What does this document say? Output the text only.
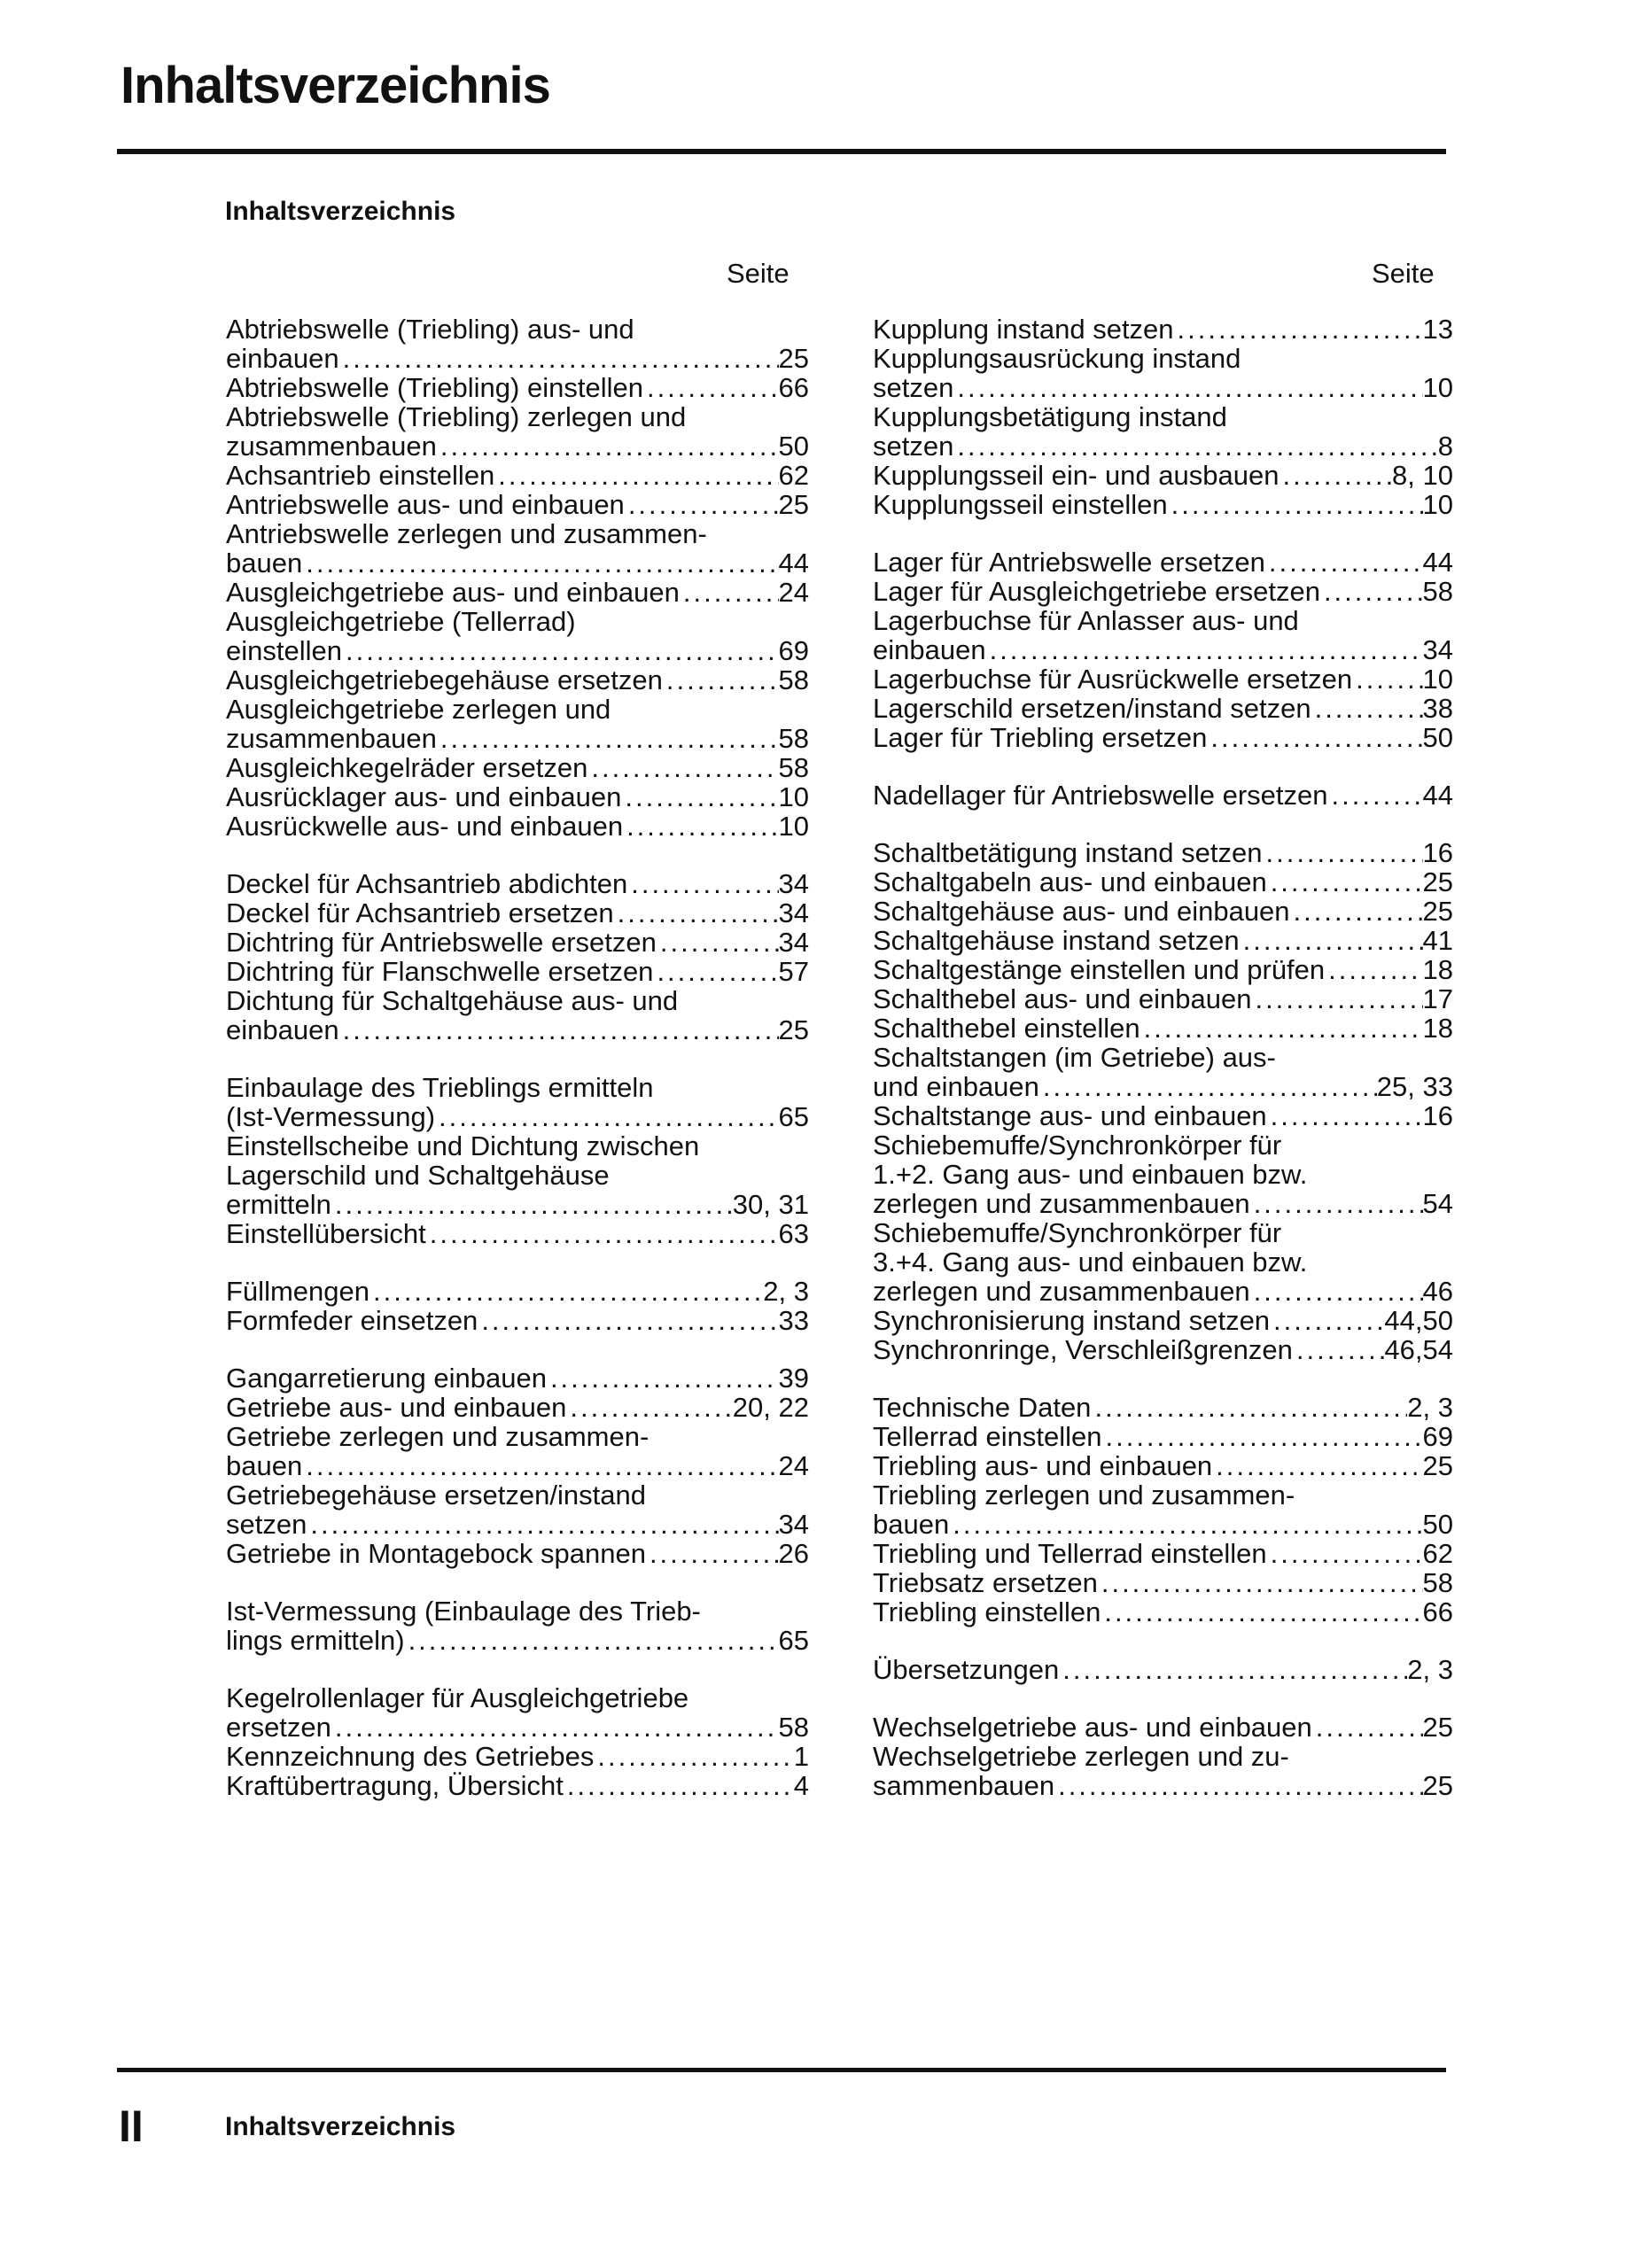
Inhaltsverzeichnis
Inhaltsverzeichnis
Seite	Seite
Abtriebswelle (Triebling) aus- und
einbauen .....	25
Abtriebswelle (Triebling) einstellen .....	66
Abtriebswelle (Triebling) zerlegen und
zusammenbauen .....	50
Achsantrieb einstellen .....	62
Antriebswelle aus- und einbauen .....	25
Antriebswelle zerlegen und zusammen-
bauen .....	44
Ausgleichgetriebe aus- und einbauen .....	24
Ausgleichgetriebe (Tellerrad)
einstellen .....	69
Ausgleichgetriebegehäuse ersetzen .....	58
Ausgleichgetriebe zerlegen und
zusammenbauen .....	58
Ausgleichkegelräder ersetzen .....	58
Ausrücklager aus- und einbauen .....	10
Ausrückwelle aus- und einbauen .....	10
Deckel für Achsantrieb abdichten .....	34
Deckel für Achsantrieb ersetzen .....	34
Dichtring für Antriebswelle ersetzen .....	34
Dichtring für Flanschwelle ersetzen .....	57
Dichtung für Schaltgehäuse aus- und
einbauen .....	25
Einbaulage des Trieblings ermitteln
(Ist-Vermessung) .....	65
Einstellscheibe und Dichtung zwischen
Lagerschild und Schaltgehäuse
ermitteln .....	30, 31
Einstellübersicht .....	63
Füllmengen .....	2, 3
Formfeder einsetzen .....	33
Gangarretierung einbauen .....	39
Getriebe aus- und einbauen .....	20, 22
Getriebe zerlegen und zusammen-
bauen .....	24
Getriebegehäuse ersetzen/instand
setzen .....	34
Getriebe in Montagebock spannen .....	26
Ist-Vermessung (Einbaulage des Trieb-
lings ermitteln) .....	65
Kegelrollenlager für Ausgleichgetriebe
ersetzen .....	58
Kennzeichnung des Getriebes .....	1
Kraftübertragung, Übersicht .....	4
Kupplung instand setzen .....	13
Kupplungsausrückung instand
setzen .....	10
Kupplungsbetätigung instand
setzen .....	8
Kupplungsseil ein- und ausbauen .....	8, 10
Kupplungsseil einstellen .....	10
Lager für Antriebswelle ersetzen .....	44
Lager für Ausgleichgetriebe ersetzen .....	58
Lagerbuchse für Anlasser aus- und
einbauen .....	34
Lagerbuchse für Ausrückwelle ersetzen .....	10
Lagerschild ersetzen/instand setzen .....	38
Lager für Triebling ersetzen .....	50
Nadellager für Antriebswelle ersetzen .....	44
Schaltbetätigung instand setzen .....	16
Schaltgabeln aus- und einbauen .....	25
Schaltgehäuse aus- und einbauen .....	25
Schaltgehäuse instand setzen .....	41
Schaltgestänge einstellen und prüfen .....	18
Schalthebel aus- und einbauen .....	17
Schalthebel einstellen .....	18
Schaltstangen (im Getriebe) aus-
und einbauen .....	25, 33
Schaltstange aus- und einbauen .....	16
Schiebemuffe/Synchronkörper für
1.+2. Gang aus- und einbauen bzw.
zerlegen und zusammenbauen .....	54
Schiebemuffe/Synchronkörper für
3.+4. Gang aus- und einbauen bzw.
zerlegen und zusammenbauen .....	46
Synchronisierung instand setzen .....	44,50
Synchronringe, Verschleißgrenzen .....	46,54
Technische Daten .....	2, 3
Tellerrad einstellen .....	69
Triebling aus- und einbauen .....	25
Triebling zerlegen und zusammen-
bauen .....	50
Triebling und Tellerrad einstellen .....	62
Triebsatz ersetzen .....	58
Triebling einstellen .....	66
Übersetzungen .....	2, 3
Wechselgetriebe aus- und einbauen .....	25
Wechselgetriebe zerlegen und zu-
sammenbauen .....	25
II	Inhaltsverzeichnis
